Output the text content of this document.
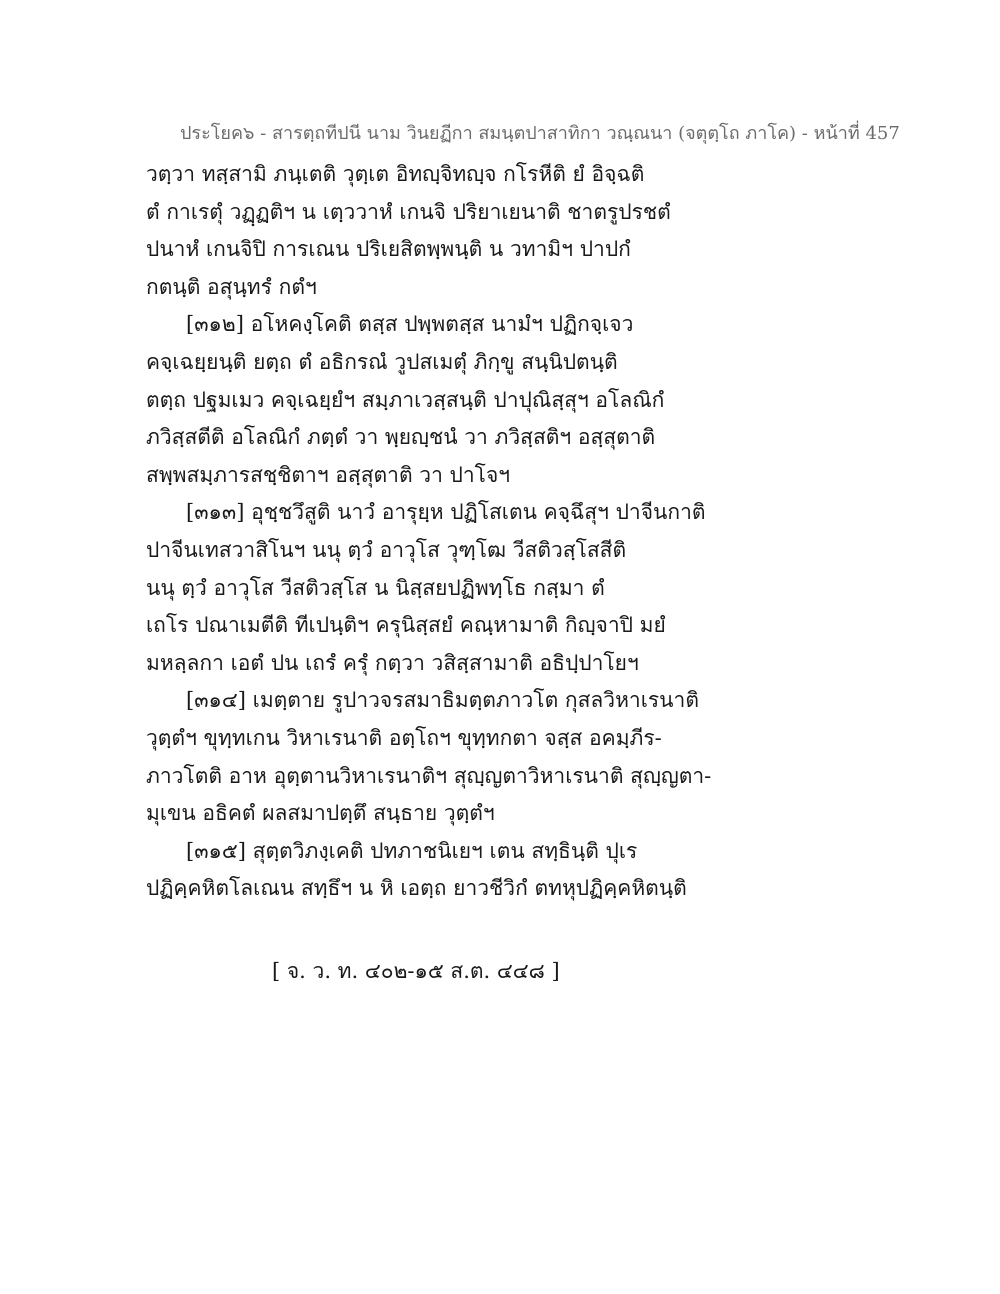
ประโยค๖ - สารตฺถทีปนี นาม วินยฏีกา สมนฺตปาสาทิกา วณฺณนา (จตุตฺโถ ภาโค) - หน้าที่ 457
วตฺวา ทสฺสามิ ภนฺเตติ วุตฺเต อิทญฺจิทญฺจ กโรหีติ ยํ อิจฺฉติ
ตํ กาเรตุํ วฏฺฏติฯ น เตฺววาหํ เกนจิ ปริยาเยนาติ ชาตรูปรชตํ
ปนาหํ เกนจิปิ การเณน ปริเยสิตพฺพนฺติ น วทามิฯ ปาปกํ
กตนฺติ อสุนฺทรํ กตํฯ
[๓๑๒] อโหคงฺโคติ ตสฺส ปพฺพตสฺส นามํฯ ปฏิกจฺเจว
คจฺเฉยฺยนฺติ ยตฺถ ตํ อธิกรณํ วูปสเมตุํ ภิกฺขู สนฺนิปตนฺติ
ตตฺถ ปฐมเมว คจฺเฉยฺยํฯ สมฺภาเวสฺสนฺติ ปาปุณิสฺสุฯ อโลณิกํ
ภวิสฺสตีติ อโลณิกํ ภตฺตํ วา พฺยญฺชนํ วา ภวิสฺสติฯ อสฺสุตาติ
สพฺพสมฺภารสชฺชิตาฯ อสฺสุตาติ วา ปาโจฯ
[๓๑๓] อุชฺชวึสูติ นาวํ อารุยฺห ปฏิโสเตน คจฺฉึสุฯ ปาจีนกาติ
ปาจีนเทสวาสิโนฯ นนุ ตฺวํ อาวุโส วุฑฺโฒ วีสติวสฺโสสีติ
นนุ ตฺวํ อาวุโส วีสติวสฺโส น นิสฺสยปฏิพทฺโธ กสฺมา ตํ
เถโร ปณาเมตีติ ทีเปนฺติฯ ครุนิสฺสยํ คณฺหามาติ กิญฺจาปิ มยํ
มหลฺลกา เอตํ ปน เถรํ ครุํ กตฺวา วสิสฺสามาติ อธิปฺปาโยฯ
[๓๑๔] เมตฺตาย รูปาวจรสมาธิมตฺตภาวโต กุสลวิหาเรนาติ
วุตฺตํฯ ขุทฺทเกน วิหาเรนาติ อตฺโถฯ ขุทฺทกตา จสฺส อคมฺภีร-
ภาวโตติ อาห อุตฺตานวิหาเรนาติฯ สุญฺญตาวิหาเรนาติ สุญฺญตา-
มุเขน อธิคตํ ผลสมาปตฺตึ สนฺธาย วุตฺตํฯ
[๓๑๕] สุตฺตวิภงฺเคติ ปทภาชนิเยฯ เตน สทฺธินฺติ ปุเร
ปฏิคฺคหิตโลเณน สทฺธึฯ น หิ เอตฺถ ยาวชีวิกํ ตทหุปฏิคฺคหิตนฺติ
[ จ. ว. ท. ๔๐๒-๑๕ ส.ต. ๔๔๘ ]
